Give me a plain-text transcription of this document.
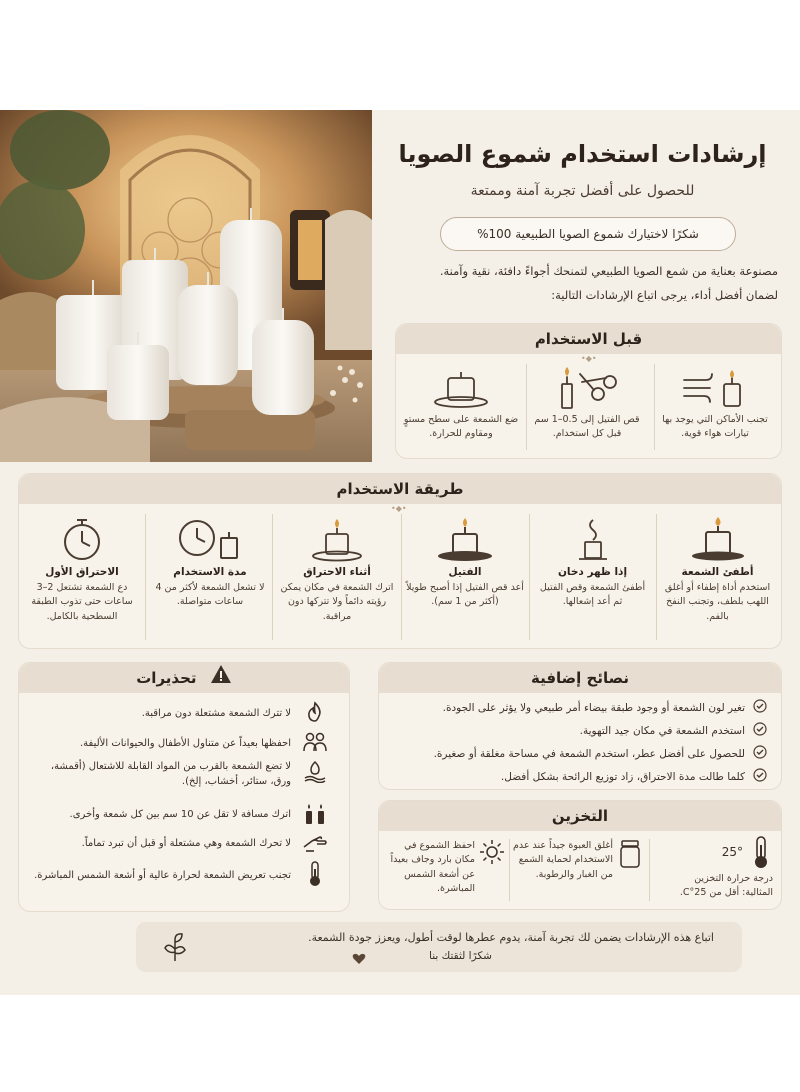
إرشادات استخدام شموع الصويا
للحصول على أفضل تجربة آمنة وممتعة
شكرًا لاختيارك شموع الصويا الطبيعية 100%
مصنوعة بعناية من شمع الصويا الطبيعي لتمنحك أجواءً دافئة، نقية وآمنة.
لضمان أفضل أداء، يرجى اتباع الإرشادات التالية:
قبل الاستخدام
•◆•
تجنب الأماكن التي يوجد بها تيارات هواء قوية.
قص الفتيل إلى 0.5–1 سم قبل كل استخدام.
ضع الشمعة على سطح مستوٍ ومقاوم للحرارة.
طريقة الاستخدام
•◆•
أطفئ الشمعة
استخدم أداة إطفاء أو أغلق اللهب بلطف، وتجنب النفخ بالفم.
إذا ظهر دخان
أطفئ الشمعة وقص الفتيل ثم أعد إشعالها.
الفتيل
أعد قص الفتيل إذا أصبح طويلاً (أكثر من 1 سم).
أثناء الاحتراق
اترك الشمعة في مكان يمكن رؤيته دائماً ولا تتركها دون مراقبة.
مدة الاستخدام
لا تشعل الشمعة لأكثر من 4 ساعات متواصلة.
الاحتراق الأول
دع الشمعة تشتعل 2–3 ساعات حتى تذوب الطبقة السطحية بالكامل.
نصائح إضافية
تغير لون الشمعة أو وجود طبقة بيضاء أمر طبيعي ولا يؤثر على الجودة.
استخدم الشمعة في مكان جيد التهوية.
للحصول على أفضل عطر، استخدم الشمعة في مساحة مغلقة أو صغيرة.
كلما طالت مدة الاحتراق، زاد توزيع الرائحة بشكل أفضل.
تحذيرات
لا تترك الشمعة مشتعلة دون مراقبة.
احفظها بعيداً عن متناول الأطفال والحيوانات الأليفة.
لا تضع الشمعة بالقرب من المواد القابلة للاشتعال (أقمشة، ورق، ستائر، أخشاب، إلخ).
اترك مسافة لا تقل عن 10 سم بين كل شمعة وأخرى.
لا تحرك الشمعة وهي مشتعلة أو قبل أن تبرد تماماً.
تجنب تعريض الشمعة لحرارة عالية أو أشعة الشمس المباشرة.
التخزين
25°
درجة حرارة التخزين المثالية: أقل من 25°C.
أغلق العبوة جيداً عند عدم الاستخدام لحماية الشمع من الغبار والرطوبة.
احفظ الشموع في مكان بارد وجاف بعيداً عن أشعة الشمس المباشرة.
اتباع هذه الإرشادات يضمن لك تجربة آمنة، يدوم عطرها لوقت أطول، ويعزز جودة الشمعة.
شكرًا لثقتك بنا
